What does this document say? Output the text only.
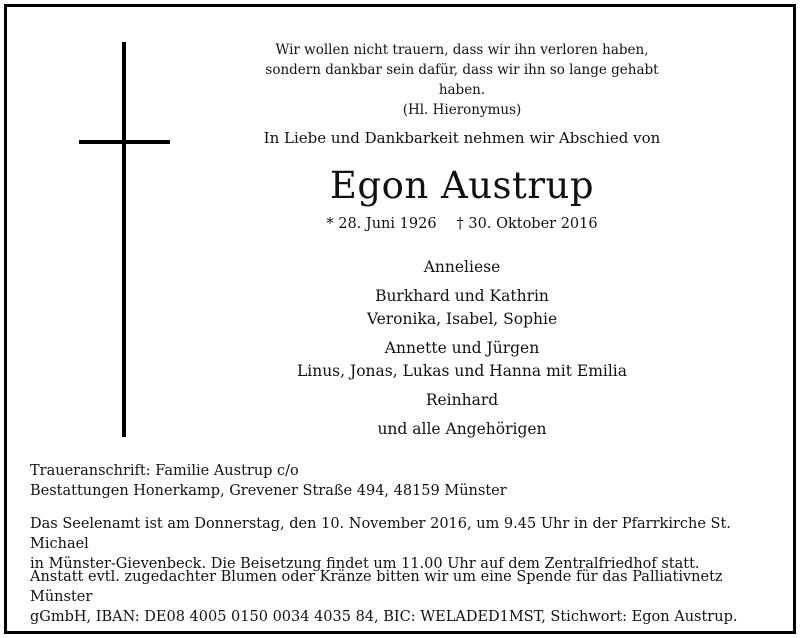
Wir wollen nicht trauern, dass wir ihn verloren haben,
sondern dankbar sein dafür, dass wir ihn so lange gehabt haben.
(Hl. Hieronymus)
In Liebe und Dankbarkeit nehmen wir Abschied von
Egon Austrup
* 28. Juni 1926 † 30. Oktober 2016
Anneliese
Burkhard und Kathrin
Veronika, Isabel, Sophie
Annette und Jürgen
Linus, Jonas, Lukas und Hanna mit Emilia
Reinhard
und alle Angehörigen
Traueranschrift: Familie Austrup c/o
Bestattungen Honerkamp, Grevener Straße 494, 48159 Münster
Das Seelenamt ist am Donnerstag, den 10. November 2016, um 9.45 Uhr in der Pfarrkirche St. Michael
in Münster-Gievenbeck. Die Beisetzung findet um 11.00 Uhr auf dem Zentralfriedhof statt.
Anstatt evtl. zugedachter Blumen oder Kränze bitten wir um eine Spende für das Palliativnetz Münster
gGmbH, IBAN: DE08 4005 0150 0034 4035 84, BIC: WELADED1MST, Stichwort: Egon Austrup.
